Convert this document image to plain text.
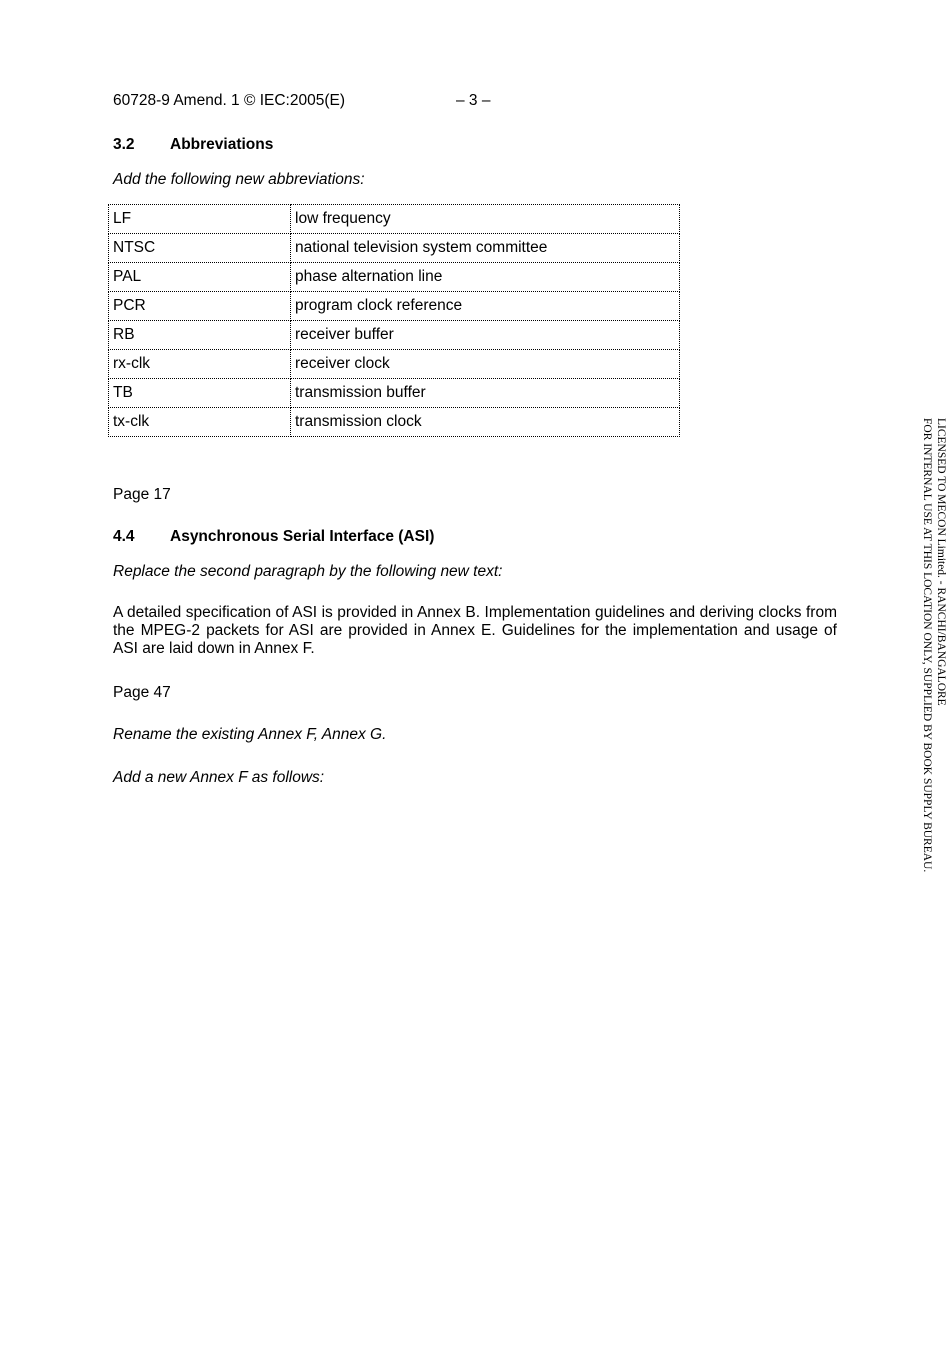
60728-9 Amend. 1 © IEC:2005(E)	– 3 –
3.2 Abbreviations
Add the following new abbreviations:
LF	low frequency
NTSC	national television system committee
PAL	phase alternation line
PCR	program clock reference
RB	receiver buffer
rx-clk	receiver clock
TB	transmission buffer
tx-clk	transmission clock
Page 17
4.4 Asynchronous Serial Interface (ASI)
Replace the second paragraph by the following new text:
A detailed specification of ASI is provided in Annex B. Implementation guidelines and deriving clocks from the MPEG-2 packets for ASI are provided in Annex E. Guidelines for the implementation and usage of ASI are laid down in Annex F.
Page 47
Rename the existing Annex F, Annex G.
Add a new Annex F as follows:
LICENSED TO MECON Limited. - RANCHI/BANGALORE
FOR INTERNAL USE AT THIS LOCATION ONLY, SUPPLIED BY BOOK SUPPLY BUREAU.
